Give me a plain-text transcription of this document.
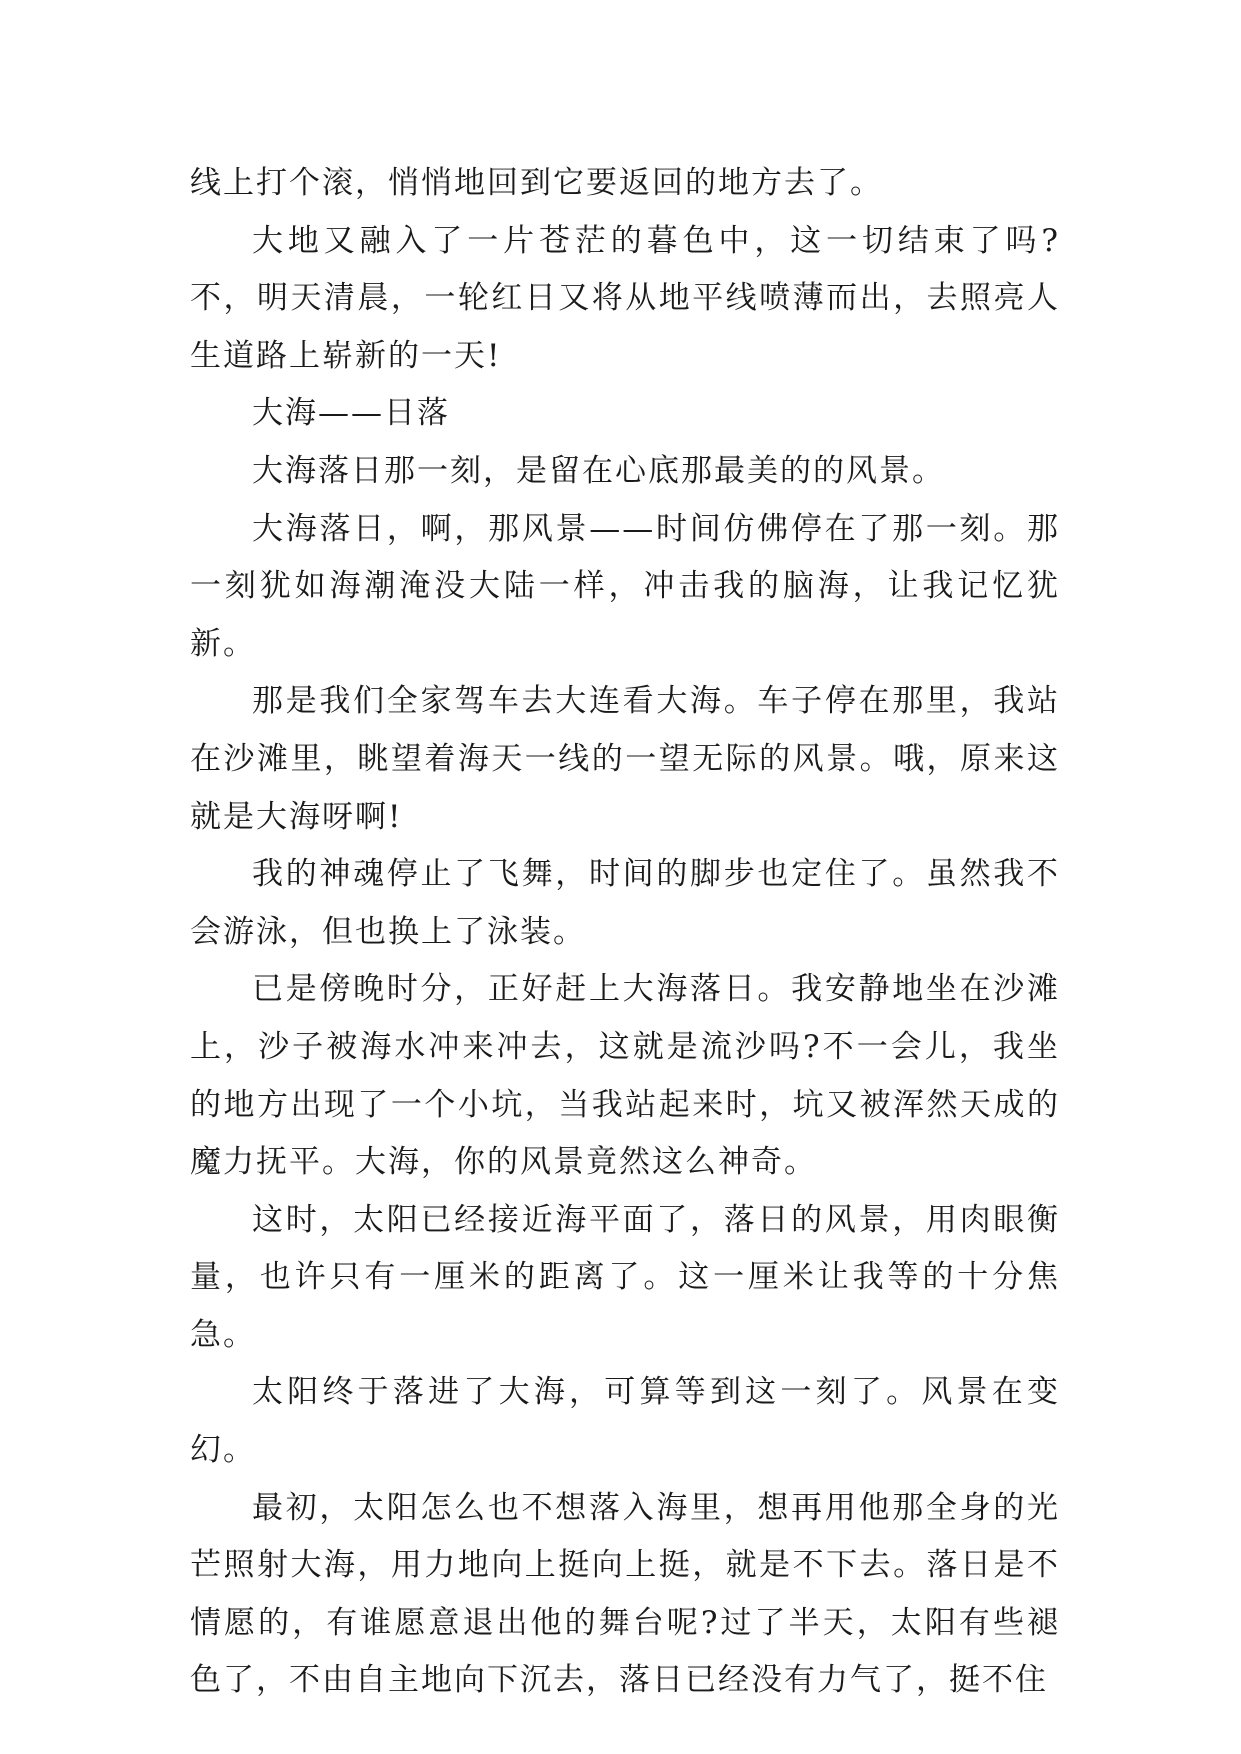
线上打个滚，悄悄地回到它要返回的地方去了。

大地又融入了一片苍茫的暮色中，这一切结束了吗?不，明天清晨，一轮红日又将从地平线喷薄而出，去照亮人生道路上崭新的一天!

大海——日落

大海落日那一刻，是留在心底那最美的的风景。

大海落日，啊，那风景——时间仿佛停在了那一刻。那一刻犹如海潮淹没大陆一样，冲击我的脑海，让我记忆犹新。

那是我们全家驾车去大连看大海。车子停在那里，我站在沙滩里，眺望着海天一线的一望无际的风景。哦，原来这就是大海呀啊!

我的神魂停止了飞舞，时间的脚步也定住了。虽然我不会游泳，但也换上了泳装。

已是傍晚时分，正好赶上大海落日。我安静地坐在沙滩上，沙子被海水冲来冲去，这就是流沙吗?不一会儿，我坐的地方出现了一个小坑，当我站起来时，坑又被浑然天成的魔力抚平。大海，你的风景竟然这么神奇。

这时，太阳已经接近海平面了，落日的风景，用肉眼衡量，也许只有一厘米的距离了。这一厘米让我等的十分焦急。

太阳终于落进了大海，可算等到这一刻了。风景在变幻。

最初，太阳怎么也不想落入海里，想再用他那全身的光芒照射大海，用力地向上挺向上挺，就是不下去。落日是不情愿的，有谁愿意退出他的舞台呢?过了半天，太阳有些褪色了，不由自主地向下沉去，落日已经没有力气了，挺不住
